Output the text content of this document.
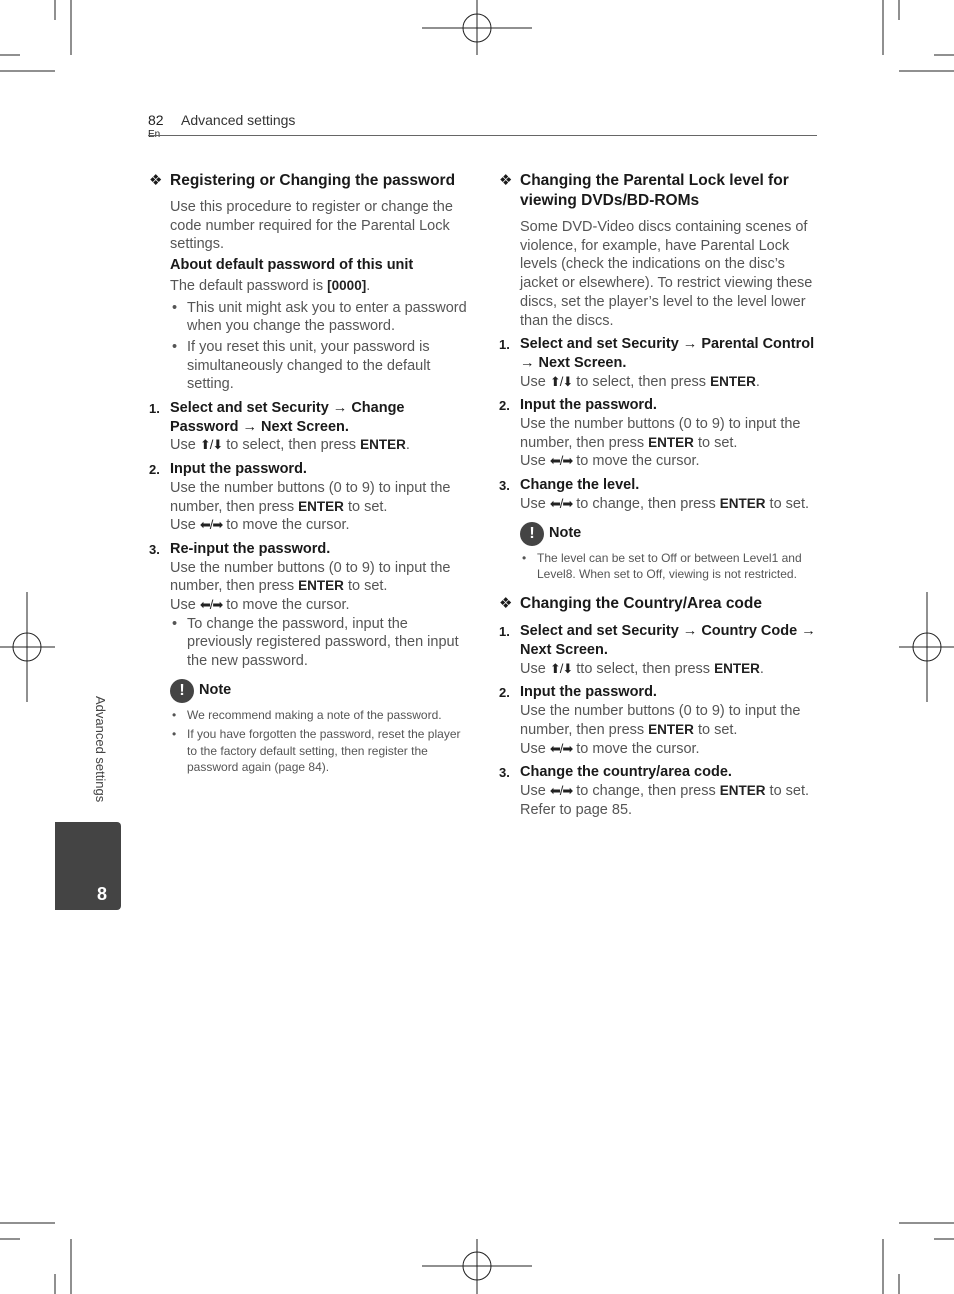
82 Advanced settings
Advanced settings
8
❖ Registering or Changing the password

Use this procedure to register or change the code number required for the Parental Lock settings.

About default password of this unit

The default password is [0000].

• This unit might ask you to enter a password when you change the password.
• If you reset this unit, your password is simultaneously changed to the default setting.
1. Select and set Security → Change Password → Next Screen.

Use ⬆/⬇ to select, then press ENTER.

2. Input the password.

Use the number buttons (0 to 9) to input the number, then press ENTER to set.

Use ⬅/➡ to move the cursor.

3. Re-input the password.

Use the number buttons (0 to 9) to input the number, then press ENTER to set.

Use ⬅/➡ to move the cursor.

• To change the password, input the previously registered password, then input the new password.
! Note
• We recommend making a note of the password.
• If you have forgotten the password, reset the player to the factory default setting, then register the password again (page 84).
❖ Changing the Parental Lock level for viewing DVDs/BD-ROMs

Some DVD-Video discs containing scenes of violence, for example, have Parental Lock levels (check the indications on the disc’s jacket or elsewhere). To restrict viewing these discs, set the player’s level to the level lower than the discs.

1. Select and set Security → Parental Control → Next Screen.

Use ⬆/⬇ to select, then press ENTER.

2. Input the password.

Use the number buttons (0 to 9) to input the number, then press ENTER to set.

Use ⬅/➡ to move the cursor.

3. Change the level.

Use ⬅/➡ to change, then press ENTER to set.

! Note
• The level can be set to Off or between Level1 and Level8. When set to Off, viewing is not restricted.
❖ Changing the Country/Area code
1. Select and set Security → Country Code → Next Screen.

Use ⬆/⬇ tto select, then press ENTER.

2. Input the password.

Use the number buttons (0 to 9) to input the number, then press ENTER to set.

Use ⬅/➡ to move the cursor.

3. Change the country/area code.

Use ⬅/➡ to change, then press ENTER to set. Refer to page 85.
